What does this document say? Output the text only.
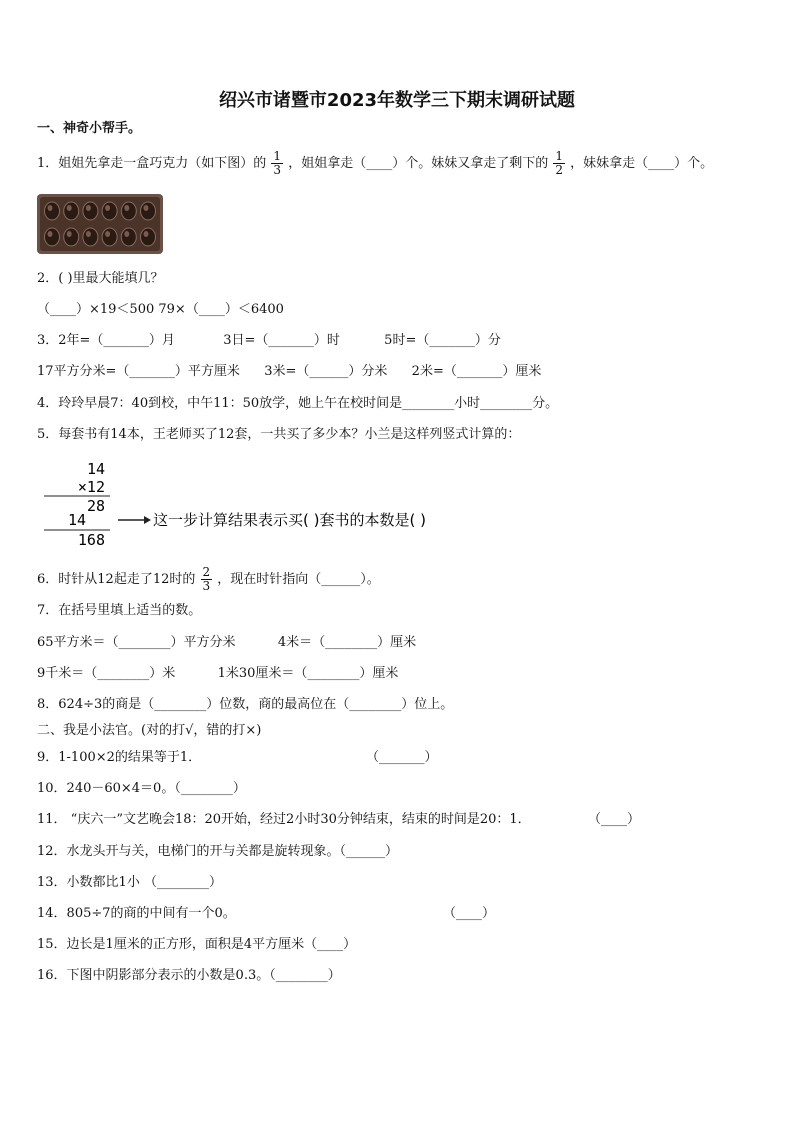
绍兴市诸暨市2023年数学三下期末调研试题
一、神奇小帮手。
1．姐姐先拿走一盒巧克力（如下图）的 $\frac{1}{3}$ ，姐姐拿走（____）个。妹妹又拿走了剩下的 $\frac{1}{2}$ ，妹妹拿走（____）个。
2．( )里最大能填几？
（____）×19＜500 79×（____）＜6400
3．2年=（_______）月	3日=（_______）时	5时=（_______）分
17平方分米=（_______）平方厘米 3米=（______）分米 2米=（_______）厘米
4．玲玲早晨7：40到校，中午11：50放学，她上午在校时间是________小时________分。
5．每套书有14本，王老师买了12套，一共买了多少本？小兰是这样列竖式计算的：
14
×12
28
14
168
这一步计算结果表示买( )套书的本数是( )
6．时针从12起走了12时的 $\frac{2}{3}$ ，现在时针指向（______）。
7．在括号里填上适当的数。
65平方米＝（________）平方分米	4米＝（________）厘米
9千米＝（________）米	1米30厘米＝（________）厘米
8．624÷3的商是（________）位数，商的最高位在（________）位上。
二、我是小法官。(对的打√，错的打×)
9．1-100×2的结果等于1．	（_______）
10．240－60×4＝0。（________）
11． “庆六一”文艺晚会18：20开始，经过2小时30分钟结束，结束的时间是20：1．	（____）
12．水龙头开与关，电梯门的开与关都是旋转现象。（______）
13．小数都比1小 （________）
14．805÷7的商的中间有一个0。	（____）
15．边长是1厘米的正方形，面积是4平方厘米（____）
16．下图中阴影部分表示的小数是0.3。（________）
